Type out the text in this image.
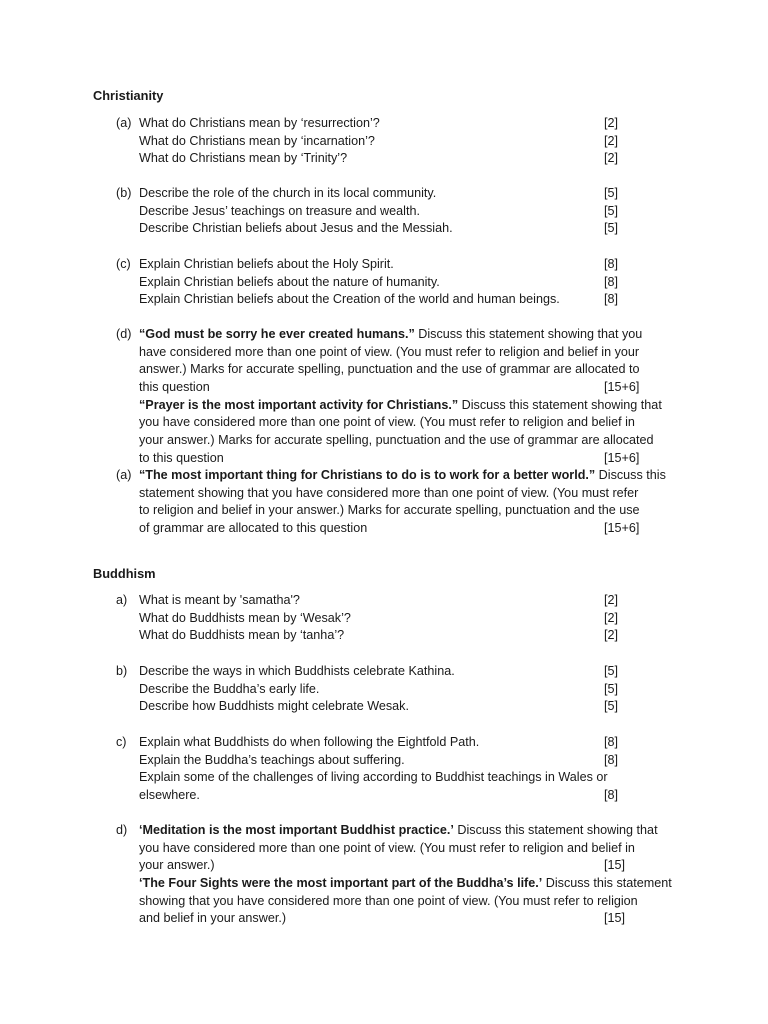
Christianity
(a) What do Christians mean by ‘resurrection’?	[2]
What do Christians mean by ‘incarnation’?	[2]
What do Christians mean by ‘Trinity’?	[2]
(b) Describe the role of the church in its local community.	[5]
Describe Jesus’ teachings on treasure and wealth.	[5]
Describe Christian beliefs about Jesus and the Messiah.	[5]
(c) Explain Christian beliefs about the Holy Spirit.	[8]
Explain Christian beliefs about the nature of humanity.	[8]
Explain Christian beliefs about the Creation of the world and human beings.	[8]
(d) “God must be sorry he ever created humans.” Discuss this statement showing that you
have considered more than one point of view. (You must refer to religion and belief in your
answer.) Marks for accurate spelling, punctuation and the use of grammar are allocated to
this question	[15+6]
“Prayer is the most important activity for Christians.” Discuss this statement showing that
you have considered more than one point of view. (You must refer to religion and belief in
your answer.) Marks for accurate spelling, punctuation and the use of grammar are allocated
to this question	[15+6]
(a) “The most important thing for Christians to do is to work for a better world.” Discuss this
statement showing that you have considered more than one point of view. (You must refer
to religion and belief in your answer.) Marks for accurate spelling, punctuation and the use
of grammar are allocated to this question	[15+6]
Buddhism
a) What is meant by 'samatha'?	[2]
What do Buddhists mean by ‘Wesak’?	[2]
What do Buddhists mean by ‘tanha’?	[2]
b) Describe the ways in which Buddhists celebrate Kathina.	[5]
Describe the Buddha’s early life.	[5]
Describe how Buddhists might celebrate Wesak.	[5]
c) Explain what Buddhists do when following the Eightfold Path.	[8]
Explain the Buddha’s teachings about suffering.	[8]
Explain some of the challenges of living according to Buddhist teachings in Wales or
elsewhere.	[8]
d) ‘Meditation is the most important Buddhist practice.’ Discuss this statement showing that
you have considered more than one point of view. (You must refer to religion and belief in
your answer.)	[15]
‘The Four Sights were the most important part of the Buddha’s life.’ Discuss this statement
showing that you have considered more than one point of view. (You must refer to religion
and belief in your answer.)	[15]
